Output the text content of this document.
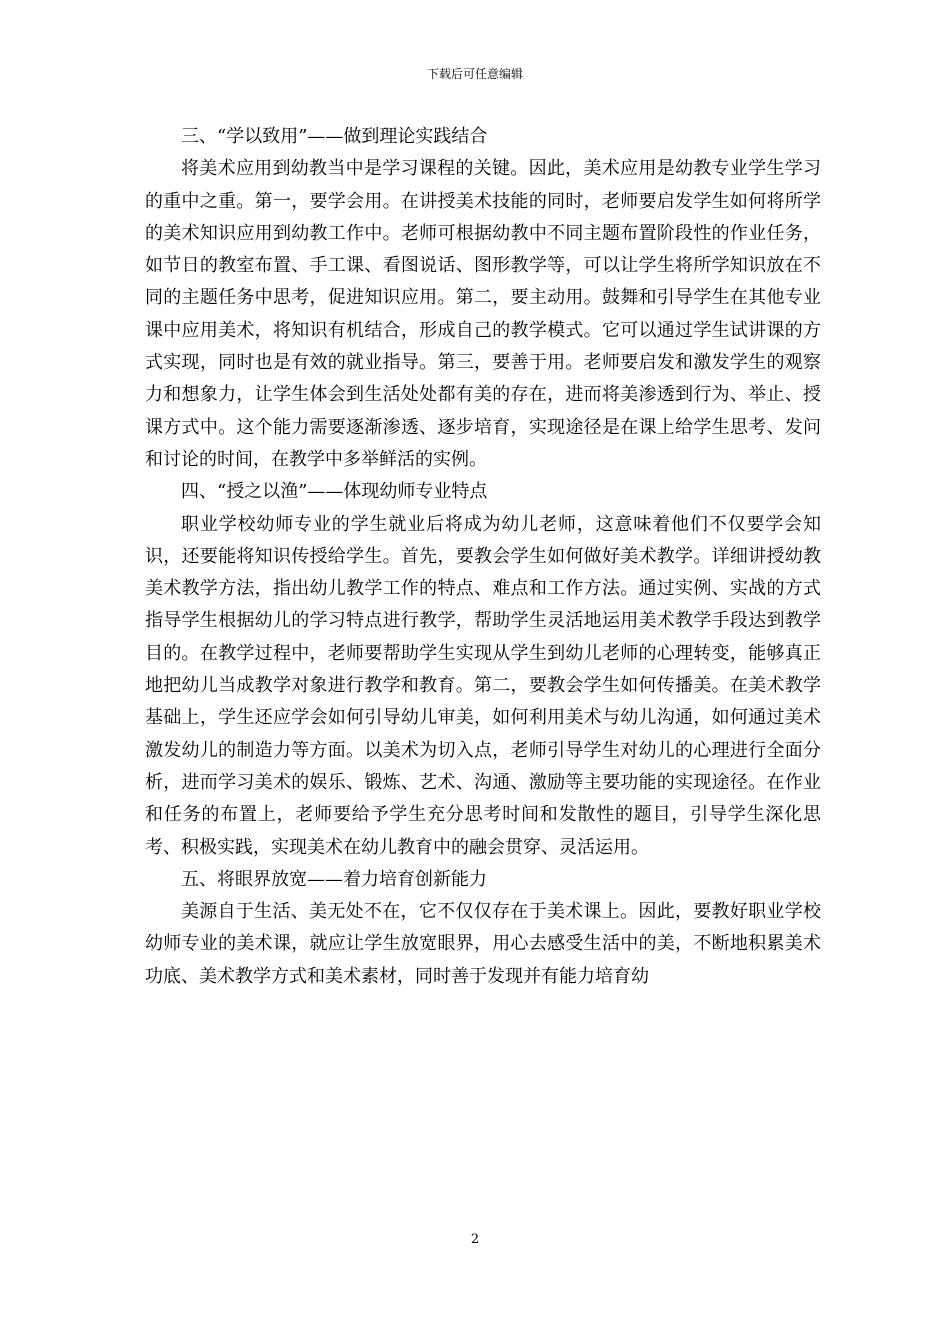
下载后可任意编辑

三、“学以致用”——做到理论实践结合

将美术应用到幼教当中是学习课程的关键。因此，美术应用是幼教专业学生学习的重中之重。第一，要学会用。在讲授美术技能的同时，老师要启发学生如何将所学的美术知识应用到幼教工作中。老师可根据幼教中不同主题布置阶段性的作业任务，如节日的教室布置、手工课、看图说话、图形教学等，可以让学生将所学知识放在不同的主题任务中思考，促进知识应用。第二，要主动用。鼓舞和引导学生在其他专业课中应用美术，将知识有机结合，形成自己的教学模式。它可以通过学生试讲课的方式实现，同时也是有效的就业指导。第三，要善于用。老师要启发和激发学生的观察力和想象力，让学生体会到生活处处都有美的存在，进而将美渗透到行为、举止、授课方式中。这个能力需要逐渐渗透、逐步培育，实现途径是在课上给学生思考、发问和讨论的时间，在教学中多举鲜活的实例。

四、“授之以渔”——体现幼师专业特点

职业学校幼师专业的学生就业后将成为幼儿老师，这意味着他们不仅要学会知识，还要能将知识传授给学生。首先，要教会学生如何做好美术教学。详细讲授幼教美术教学方法，指出幼儿教学工作的特点、难点和工作方法。通过实例、实战的方式指导学生根据幼儿的学习特点进行教学，帮助学生灵活地运用美术教学手段达到教学目的。在教学过程中，老师要帮助学生实现从学生到幼儿老师的心理转变，能够真正地把幼儿当成教学对象进行教学和教育。第二，要教会学生如何传播美。在美术教学基础上，学生还应学会如何引导幼儿审美，如何利用美术与幼儿沟通，如何通过美术激发幼儿的制造力等方面。以美术为切入点，老师引导学生对幼儿的心理进行全面分析，进而学习美术的娱乐、锻炼、艺术、沟通、激励等主要功能的实现途径。在作业和任务的布置上，老师要给予学生充分思考时间和发散性的题目，引导学生深化思考、积极实践，实现美术在幼儿教育中的融会贯穿、灵活运用。

五、将眼界放宽——着力培育创新能力

美源自于生活、美无处不在，它不仅仅存在于美术课上。因此，要教好职业学校幼师专业的美术课，就应让学生放宽眼界，用心去感受生活中的美，不断地积累美术功底、美术教学方式和美术素材，同时善于发现并有能力培育幼

2
